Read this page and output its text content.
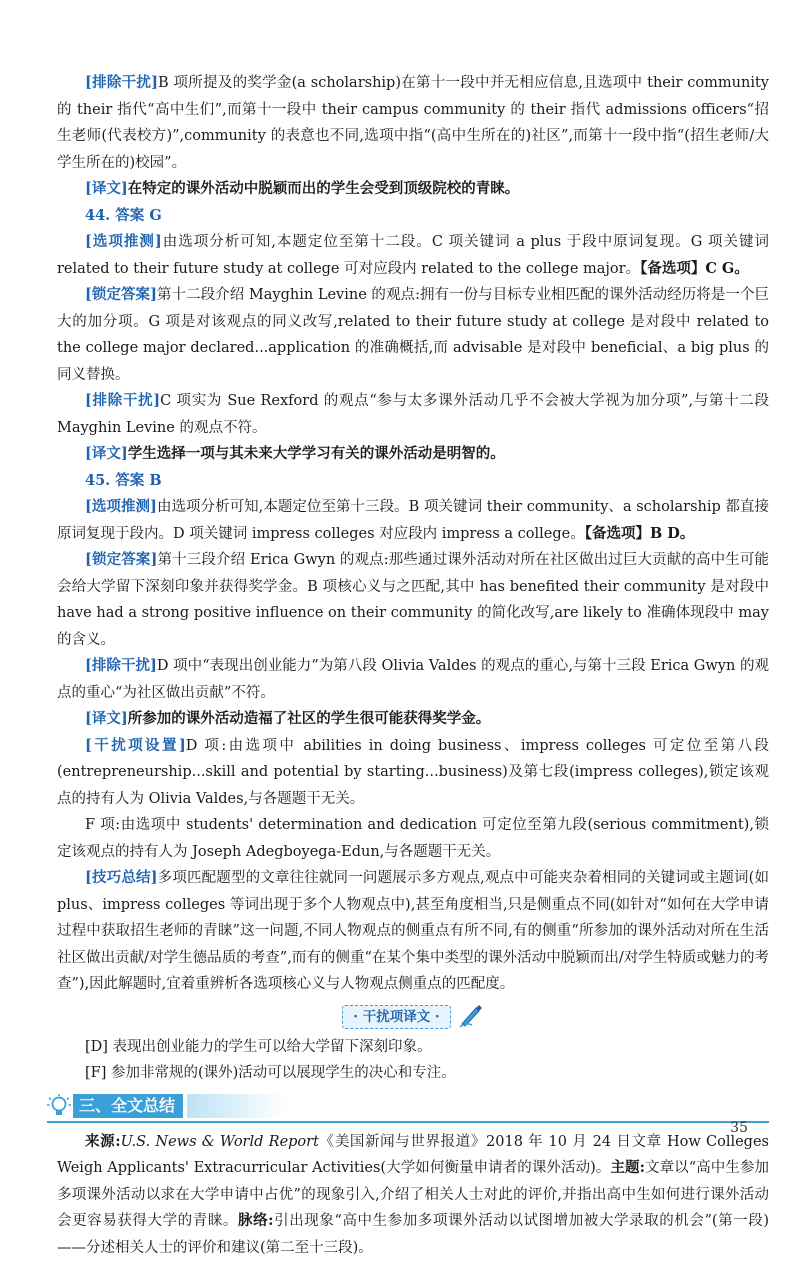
[排除干扰]B 项所提及的奖学金(a scholarship)在第十一段中并无相应信息,且选项中 their community 的 their 指代“高中生们”,而第十一段中 their campus community 的 their 指代 admissions officers“招生老师(代表校方)”,community 的表意也不同,选项中指“(高中生所在的)社区”,而第十一段中指“(招生老师/大学生所在的)校园”。

[译文]在特定的课外活动中脱颖而出的学生会受到顶级院校的青睐。

44. 答案 G

[选项推测]由选项分析可知,本题定位至第十二段。C 项关键词 a plus 于段中原词复现。G 项关键词 related to their future study at college 可对应段内 related to the college major。【备选项】C G。

[锁定答案]第十二段介绍 Mayghin Levine 的观点:拥有一份与目标专业相匹配的课外活动经历将是一个巨大的加分项。G 项是对该观点的同义改写,related to their future study at college 是对段中 related to the college major declared...application 的准确概括,而 advisable 是对段中 beneficial、a big plus 的同义替换。

[排除干扰]C 项实为 Sue Rexford 的观点“参与太多课外活动几乎不会被大学视为加分项”,与第十二段 Mayghin Levine 的观点不符。

[译文]学生选择一项与其未来大学学习有关的课外活动是明智的。

45. 答案 B

[选项推测]由选项分析可知,本题定位至第十三段。B 项关键词 their community、a scholarship 都直接原词复现于段内。D 项关键词 impress colleges 对应段内 impress a college。【备选项】B D。

[锁定答案]第十三段介绍 Erica Gwyn 的观点:那些通过课外活动对所在社区做出过巨大贡献的高中生可能会给大学留下深刻印象并获得奖学金。B 项核心义与之匹配,其中 has benefited their community 是对段中 have had a strong positive influence on their community 的简化改写,are likely to 准确体现段中 may 的含义。

[排除干扰]D 项中“表现出创业能力”为第八段 Olivia Valdes 的观点的重心,与第十三段 Erica Gwyn 的观点的重心“为社区做出贡献”不符。

[译文]所参加的课外活动造福了社区的学生很可能获得奖学金。

[干扰项设置]D 项:由选项中 abilities in doing business、impress colleges 可定位至第八段(entrepreneurship...skill and potential by starting...business)及第七段(impress colleges),锁定该观点的持有人为 Olivia Valdes,与各题题干无关。

F 项:由选项中 students' determination and dedication 可定位至第九段(serious commitment),锁定该观点的持有人为 Joseph Adegboyega-Edun,与各题题干无关。

[技巧总结]多项匹配题型的文章往往就同一问题展示多方观点,观点中可能夹杂着相同的关键词或主题词(如 plus、impress colleges 等词出现于多个人物观点中),甚至角度相当,只是侧重点不同(如针对“如何在大学申请过程中获取招生老师的青睐”这一问题,不同人物观点的侧重点有所不同,有的侧重“所参加的课外活动对所在生活社区做出贡献/对学生德品质的考查”,而有的侧重“在某个集中类型的课外活动中脱颖而出/对学生特质或魅力的考查”),因此解题时,宜着重辨析各选项核心义与人物观点侧重点的匹配度。

· 干扰项译文 ·

[D] 表现出创业能力的学生可以给大学留下深刻印象。

[F] 参加非常规的(课外)活动可以展现学生的决心和专注。

三、全文总结

来源:U.S. News & World Report《美国新闻与世界报道》2018 年 10 月 24 日文章 How Colleges Weigh Applicants' Extracurricular Activities(大学如何衡量申请者的课外活动)。主题:文章以“高中生参加多项课外活动以求在大学申请中占优”的现象引入,介绍了相关人士对此的评价,并指出高中生如何进行课外活动会更容易获得大学的青睐。脉络:引出现象“高中生参加多项课外活动以试图增加被大学录取的机会”(第一段)——分述相关人士的评价和建议(第二至十三段)。

35
